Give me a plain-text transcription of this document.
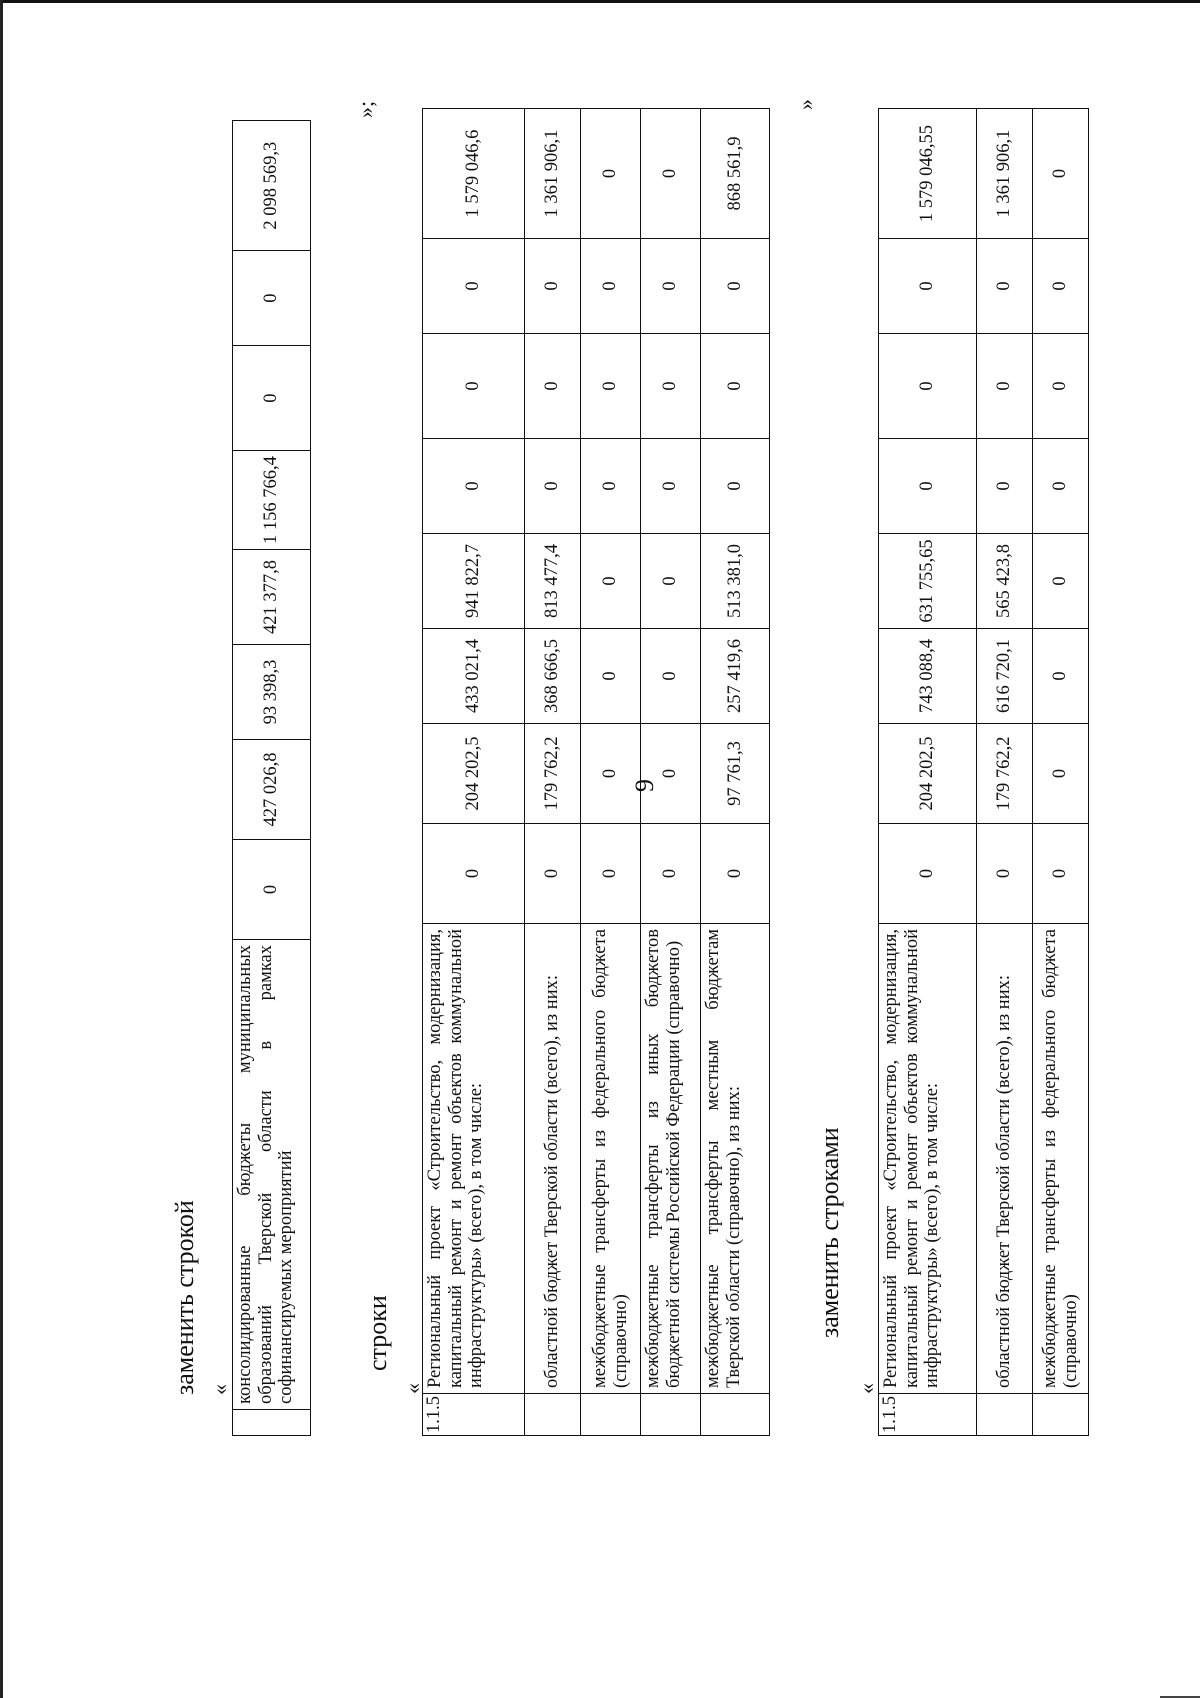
9
заменить строкой «
»;
	консолидированные бюджеты муниципальных образований Тверской области в рамках софинансируемых мероприятий	0	427 026,8	93 398,3	421 377,8	1 156 766,4	0	0	2 098 569,3
строки
«
»
1.1.5	Региональный проект «Строительство, модернизация, капитальный ремонт и ремонт объектов коммунальной инфраструктуры» (всего), в том числе:	0	204 202,5	433 021,4	941 822,7	0	0	0	1 579 046,6
	областной бюджет Тверской области (всего), из них:	0	179 762,2	368 666,5	813 477,4	0	0	0	1 361 906,1
	межбюджетные трансферты из федерального бюджета (справочно)	0	0	0	0	0	0	0	0
	межбюджетные трансферты из иных бюджетов бюджетной системы Российской Федерации (справочно)	0	0	0	0	0	0	0	0
	межбюджетные трансферты местным бюджетам Тверской области (справочно), из них:	0	97 761,3	257 419,6	513 381,0	0	0	0	868 561,9
заменить строками
«
1.1.5	Региональный проект «Строительство, модернизация, капитальный ремонт и ремонт объектов коммунальной инфраструктуры» (всего), в том числе:	0	204 202,5	743 088,4	631 755,65	0	0	0	1 579 046,55
	областной бюджет Тверской области (всего), из них:	0	179 762,2	616 720,1	565 423,8	0	0	0	1 361 906,1
	межбюджетные трансферты из федерального бюджета (справочно)	0	0	0	0	0	0	0	0
